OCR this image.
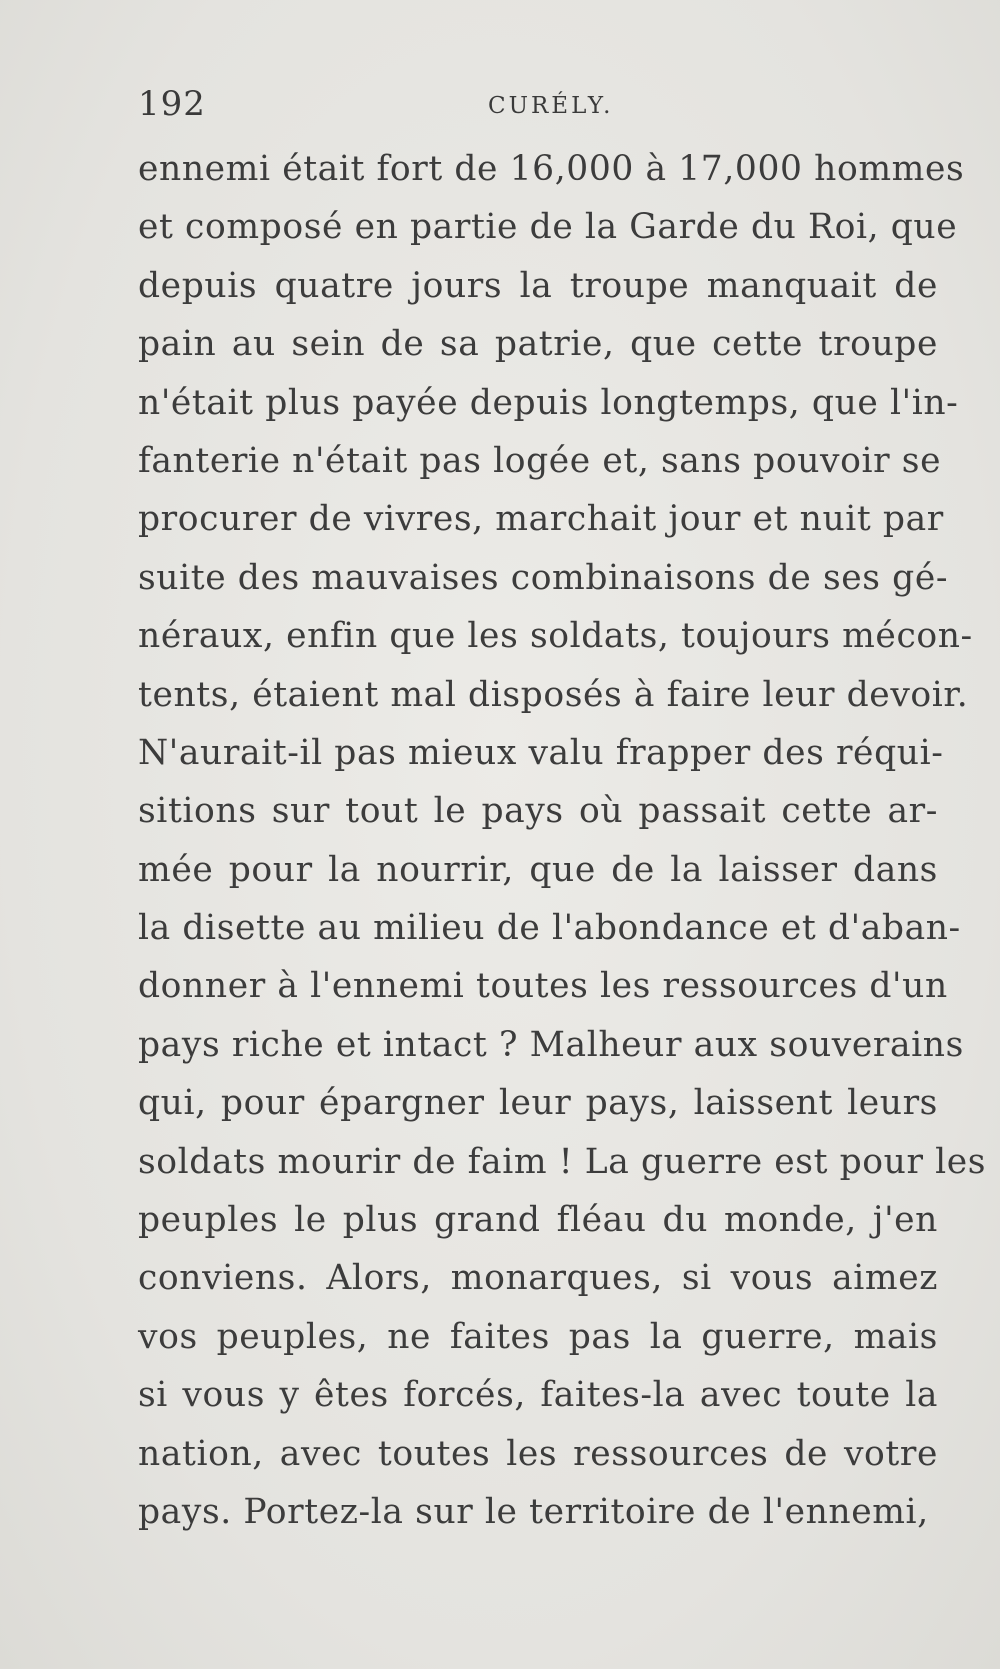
192	CURÉLY.
ennemi était fort de 16,000 à 17,000 hommes
et composé en partie de la Garde du Roi, que
depuis quatre jours la troupe manquait de
pain au sein de sa patrie, que cette troupe
n'était plus payée depuis longtemps, que l'in-
fanterie n'était pas logée et, sans pouvoir se
procurer de vivres, marchait jour et nuit par
suite des mauvaises combinaisons de ses gé-
néraux, enfin que les soldats, toujours mécon-
tents, étaient mal disposés à faire leur devoir.
N'aurait-il pas mieux valu frapper des réqui-
sitions sur tout le pays où passait cette ar-
mée pour la nourrir, que de la laisser dans
la disette au milieu de l'abondance et d'aban-
donner à l'ennemi toutes les ressources d'un
pays riche et intact ? Malheur aux souverains
qui, pour épargner leur pays, laissent leurs
soldats mourir de faim ! La guerre est pour les
peuples le plus grand fléau du monde, j'en
conviens. Alors, monarques, si vous aimez
vos peuples, ne faites pas la guerre, mais
si vous y êtes forcés, faites-la avec toute la
nation, avec toutes les ressources de votre
pays. Portez-la sur le territoire de l'ennemi,
